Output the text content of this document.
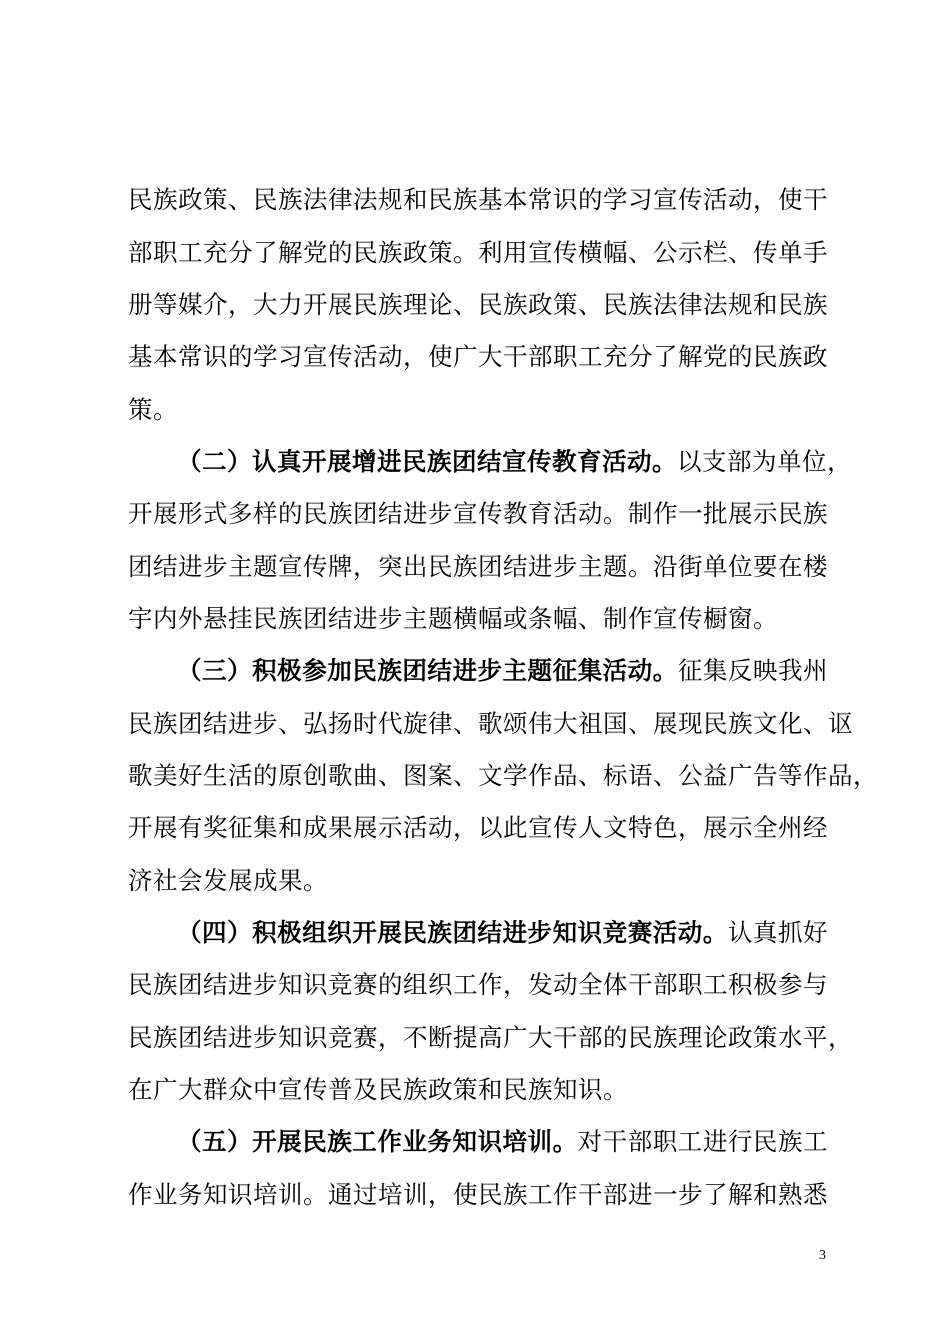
民族政策、民族法律法规和民族基本常识的学习宣传活动，使干
部职工充分了解党的民族政策。利用宣传横幅、公示栏、传单手
册等媒介，大力开展民族理论、民族政策、民族法律法规和民族
基本常识的学习宣传活动，使广大干部职工充分了解党的民族政
策。
（二）认真开展增进民族团结宣传教育活动。以支部为单位，
开展形式多样的民族团结进步宣传教育活动。制作一批展示民族
团结进步主题宣传牌，突出民族团结进步主题。沿街单位要在楼
宇内外悬挂民族团结进步主题横幅或条幅、制作宣传橱窗。
（三）积极参加民族团结进步主题征集活动。征集反映我州
民族团结进步、弘扬时代旋律、歌颂伟大祖国、展现民族文化、讴
歌美好生活的原创歌曲、图案、文学作品、标语、公益广告等作品，
开展有奖征集和成果展示活动，以此宣传人文特色，展示全州经
济社会发展成果。
（四）积极组织开展民族团结进步知识竞赛活动。认真抓好
民族团结进步知识竞赛的组织工作，发动全体干部职工积极参与
民族团结进步知识竞赛，不断提高广大干部的民族理论政策水平，
在广大群众中宣传普及民族政策和民族知识。
（五）开展民族工作业务知识培训。对干部职工进行民族工
作业务知识培训。通过培训，使民族工作干部进一步了解和熟悉
3
